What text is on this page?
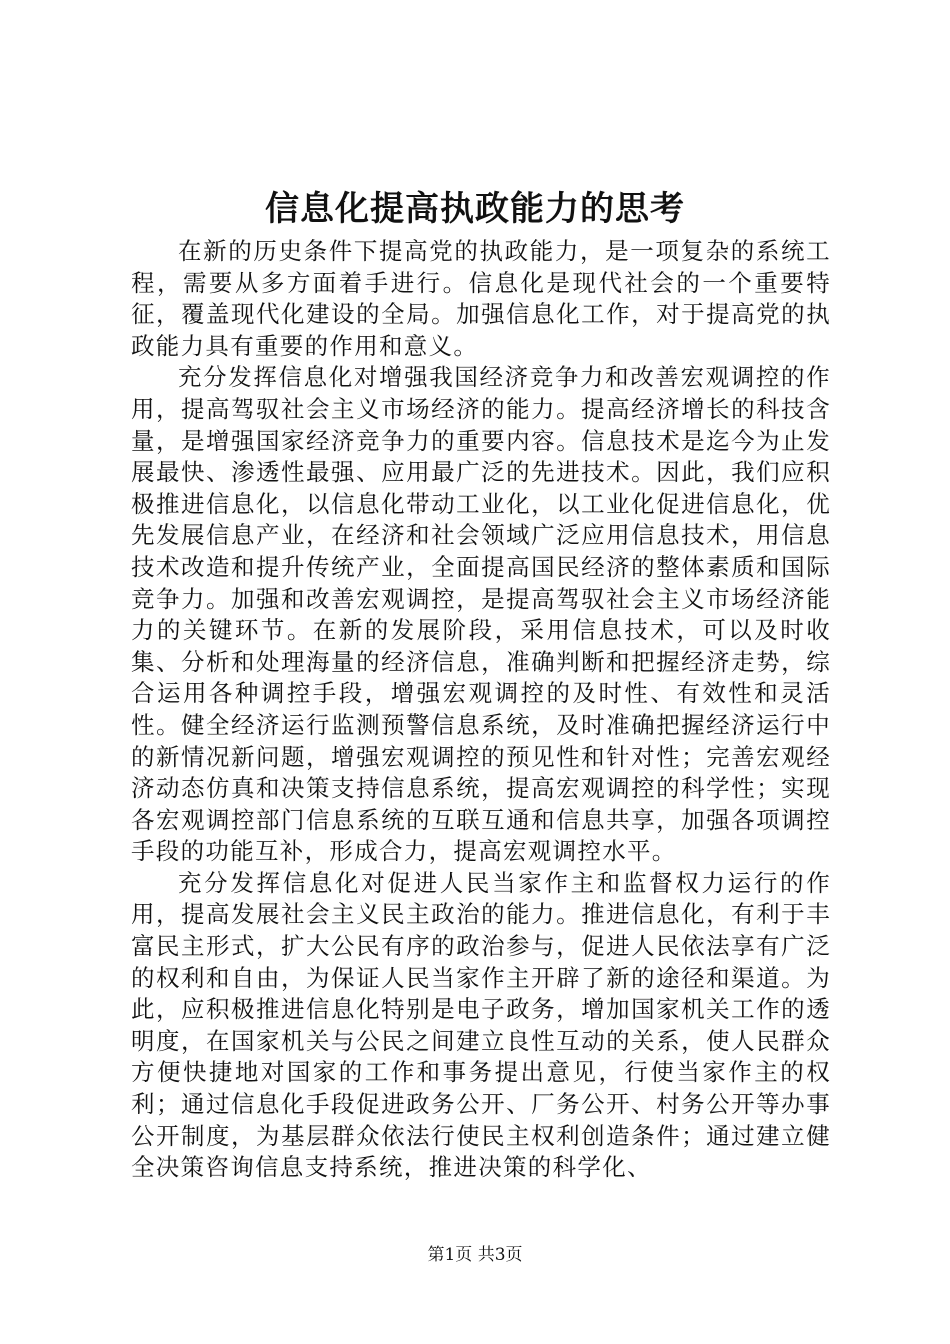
信息化提高执政能力的思考

在新的历史条件下提高党的执政能力，是一项复杂的系统工程，需要从多方面着手进行。信息化是现代社会的一个重要特征，覆盖现代化建设的全局。加强信息化工作，对于提高党的执政能力具有重要的作用和意义。

充分发挥信息化对增强我国经济竞争力和改善宏观调控的作用，提高驾驭社会主义市场经济的能力。提高经济增长的科技含量，是增强国家经济竞争力的重要内容。信息技术是迄今为止发展最快、渗透性最强、应用最广泛的先进技术。因此，我们应积极推进信息化，以信息化带动工业化，以工业化促进信息化，优先发展信息产业，在经济和社会领域广泛应用信息技术，用信息技术改造和提升传统产业，全面提高国民经济的整体素质和国际竞争力。加强和改善宏观调控，是提高驾驭社会主义市场经济能力的关键环节。在新的发展阶段，采用信息技术，可以及时收集、分析和处理海量的经济信息，准确判断和把握经济走势，综合运用各种调控手段，增强宏观调控的及时性、有效性和灵活性。健全经济运行监测预警信息系统，及时准确把握经济运行中的新情况新问题，增强宏观调控的预见性和针对性；完善宏观经济动态仿真和决策支持信息系统，提高宏观调控的科学性；实现各宏观调控部门信息系统的互联互通和信息共享，加强各项调控手段的功能互补，形成合力，提高宏观调控水平。

充分发挥信息化对促进人民当家作主和监督权力运行的作用，提高发展社会主义民主政治的能力。推进信息化，有利于丰富民主形式，扩大公民有序的政治参与，促进人民依法享有广泛的权利和自由，为保证人民当家作主开辟了新的途径和渠道。为此，应积极推进信息化特别是电子政务，增加国家机关工作的透明度，在国家机关与公民之间建立良性互动的关系，使人民群众方便快捷地对国家的工作和事务提出意见，行使当家作主的权利；通过信息化手段促进政务公开、厂务公开、村务公开等办事公开制度，为基层群众依法行使民主权利创造条件；通过建立健全决策咨询信息支持系统，推进决策的科学化、

第1页 共3页
